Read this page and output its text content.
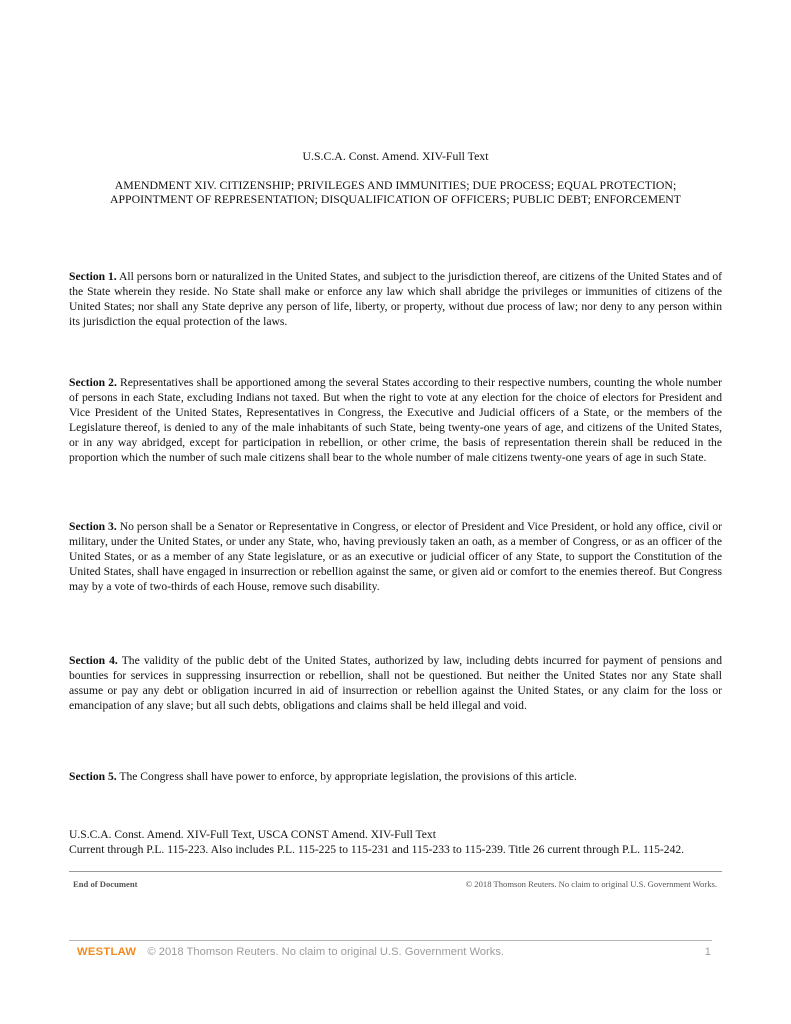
U.S.C.A. Const. Amend. XIV-Full Text
AMENDMENT XIV. CITIZENSHIP; PRIVILEGES AND IMMUNITIES; DUE PROCESS; EQUAL PROTECTION; APPOINTMENT OF REPRESENTATION; DISQUALIFICATION OF OFFICERS; PUBLIC DEBT; ENFORCEMENT
Section 1. All persons born or naturalized in the United States, and subject to the jurisdiction thereof, are citizens of the United States and of the State wherein they reside. No State shall make or enforce any law which shall abridge the privileges or immunities of citizens of the United States; nor shall any State deprive any person of life, liberty, or property, without due process of law; nor deny to any person within its jurisdiction the equal protection of the laws.
Section 2. Representatives shall be apportioned among the several States according to their respective numbers, counting the whole number of persons in each State, excluding Indians not taxed. But when the right to vote at any election for the choice of electors for President and Vice President of the United States, Representatives in Congress, the Executive and Judicial officers of a State, or the members of the Legislature thereof, is denied to any of the male inhabitants of such State, being twenty-one years of age, and citizens of the United States, or in any way abridged, except for participation in rebellion, or other crime, the basis of representation therein shall be reduced in the proportion which the number of such male citizens shall bear to the whole number of male citizens twenty-one years of age in such State.
Section 3. No person shall be a Senator or Representative in Congress, or elector of President and Vice President, or hold any office, civil or military, under the United States, or under any State, who, having previously taken an oath, as a member of Congress, or as an officer of the United States, or as a member of any State legislature, or as an executive or judicial officer of any State, to support the Constitution of the United States, shall have engaged in insurrection or rebellion against the same, or given aid or comfort to the enemies thereof. But Congress may by a vote of two-thirds of each House, remove such disability.
Section 4. The validity of the public debt of the United States, authorized by law, including debts incurred for payment of pensions and bounties for services in suppressing insurrection or rebellion, shall not be questioned. But neither the United States nor any State shall assume or pay any debt or obligation incurred in aid of insurrection or rebellion against the United States, or any claim for the loss or emancipation of any slave; but all such debts, obligations and claims shall be held illegal and void.
Section 5. The Congress shall have power to enforce, by appropriate legislation, the provisions of this article.
U.S.C.A. Const. Amend. XIV-Full Text, USCA CONST Amend. XIV-Full Text
Current through P.L. 115-223. Also includes P.L. 115-225 to 115-231 and 115-233 to 115-239. Title 26 current through P.L. 115-242.
End of Document	© 2018 Thomson Reuters. No claim to original U.S. Government Works.
WESTLAW © 2018 Thomson Reuters. No claim to original U.S. Government Works.	1
